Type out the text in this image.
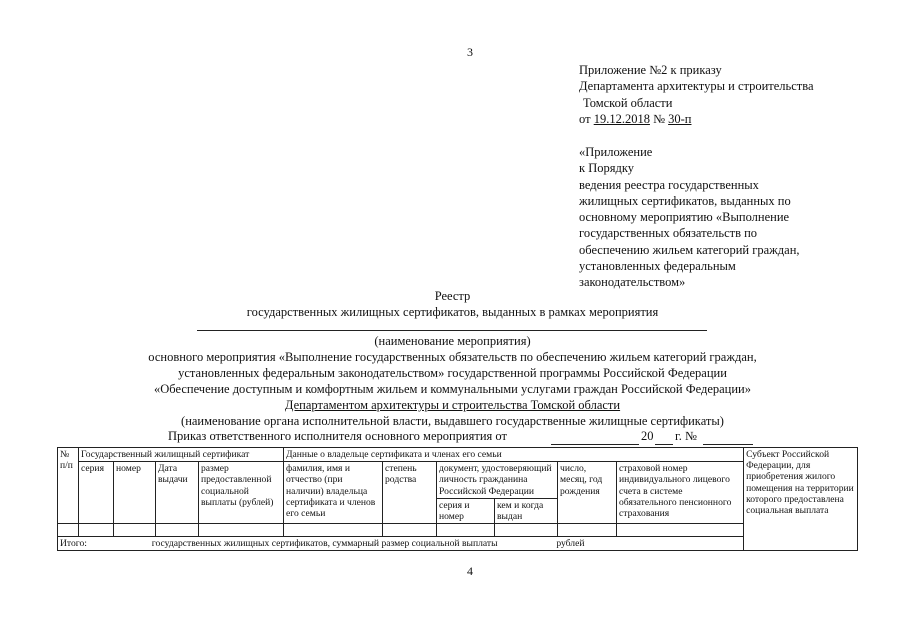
3
Приложение №2 к приказу
Департамента архитектуры и строительства
Томской области
от 19.12.2018 № 30-п
«Приложение
к Порядку
ведения реестра государственных
жилищных сертификатов, выданных по
основному мероприятию «Выполнение
государственных обязательств по
обеспечению жильем категорий граждан,
установленных федеральным
законодательством»
Реестр
государственных жилищных сертификатов, выданных в рамках мероприятия
(наименование мероприятия)
основного мероприятия «Выполнение государственных обязательств по обеспечению жильем категорий граждан,
установленных федеральным законодательством» государственной программы Российской Федерации
«Обеспечение доступным и комфортным жильем и коммунальными услугами граждан Российской Федерации»
Департаментом архитектуры и строительства Томской области
(наименование органа исполнительной власти, выдавшего государственные жилищные сертификаты)
Приказ ответственного исполнителя основного мероприятия от	20 г. №
№ п/п	Государственный жилищный сертификат				Данные о владельце сертификата и членах его семьи						Субъект Российской Федерации, для приобретения жилого помещения на территории которого предоставлена социальная выплата
	серия	номер	Дата выдачи	размер предоставленной социальной выплаты (рублей)	фамилия, имя и отчество (при наличии) владельца сертификата и членов его семьи	степень родства	документ, удостоверяющий личность гражданина Российской Федерации		число, месяц, год рождения	страховой номер индивидуального лицевого счета в системе обязательного пенсионного страхования	
							серия и номер	кем и когда выдан			

Итого: государственных жилищных сертификатов, суммарный размер социальной выплаты рублей											
4
